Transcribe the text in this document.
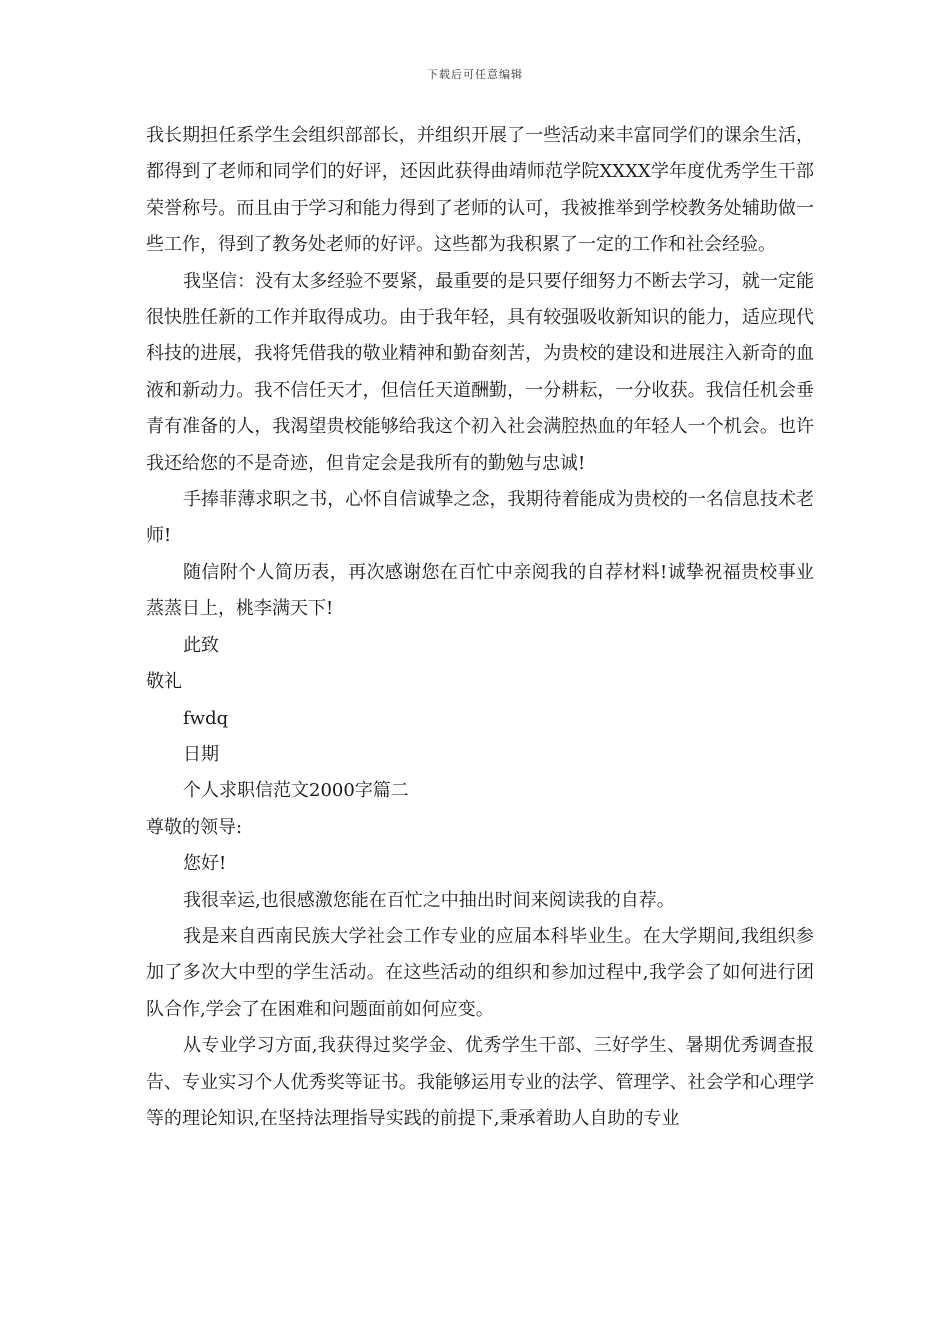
下载后可任意编辑

我长期担任系学生会组织部部长，并组织开展了一些活动来丰富同学们的课余生活，都得到了老师和同学们的好评，还因此获得曲靖师范学院XXXX学年度优秀学生干部荣誉称号。而且由于学习和能力得到了老师的认可，我被推举到学校教务处辅助做一些工作，得到了教务处老师的好评。这些都为我积累了一定的工作和社会经验。

我坚信：没有太多经验不要紧，最重要的是只要仔细努力不断去学习，就一定能很快胜任新的工作并取得成功。由于我年轻，具有较强吸收新知识的能力，适应现代科技的进展，我将凭借我的敬业精神和勤奋刻苦，为贵校的建设和进展注入新奇的血液和新动力。我不信任天才，但信任天道酬勤，一分耕耘，一分收获。我信任机会垂青有准备的人，我渴望贵校能够给我这个初入社会满腔热血的年轻人一个机会。也许我还给您的不是奇迹，但肯定会是我所有的勤勉与忠诚!

手捧菲薄求职之书，心怀自信诚挚之念，我期待着能成为贵校的一名信息技术老师!

随信附个人简历表，再次感谢您在百忙中亲阅我的自荐材料!诚挚祝福贵校事业蒸蒸日上，桃李满天下!

此致

敬礼

fwdq

日期

个人求职信范文2000字篇二

尊敬的领导:

您好!

我很幸运,也很感激您能在百忙之中抽出时间来阅读我的自荐。

我是来自西南民族大学社会工作专业的应届本科毕业生。在大学期间,我组织参加了多次大中型的学生活动。在这些活动的组织和参加过程中,我学会了如何进行团队合作,学会了在困难和问题面前如何应变。

从专业学习方面,我获得过奖学金、优秀学生干部、三好学生、暑期优秀调查报告、专业实习个人优秀奖等证书。我能够运用专业的法学、管理学、社会学和心理学等的理论知识,在坚持法理指导实践的前提下,秉承着助人自助的专业
